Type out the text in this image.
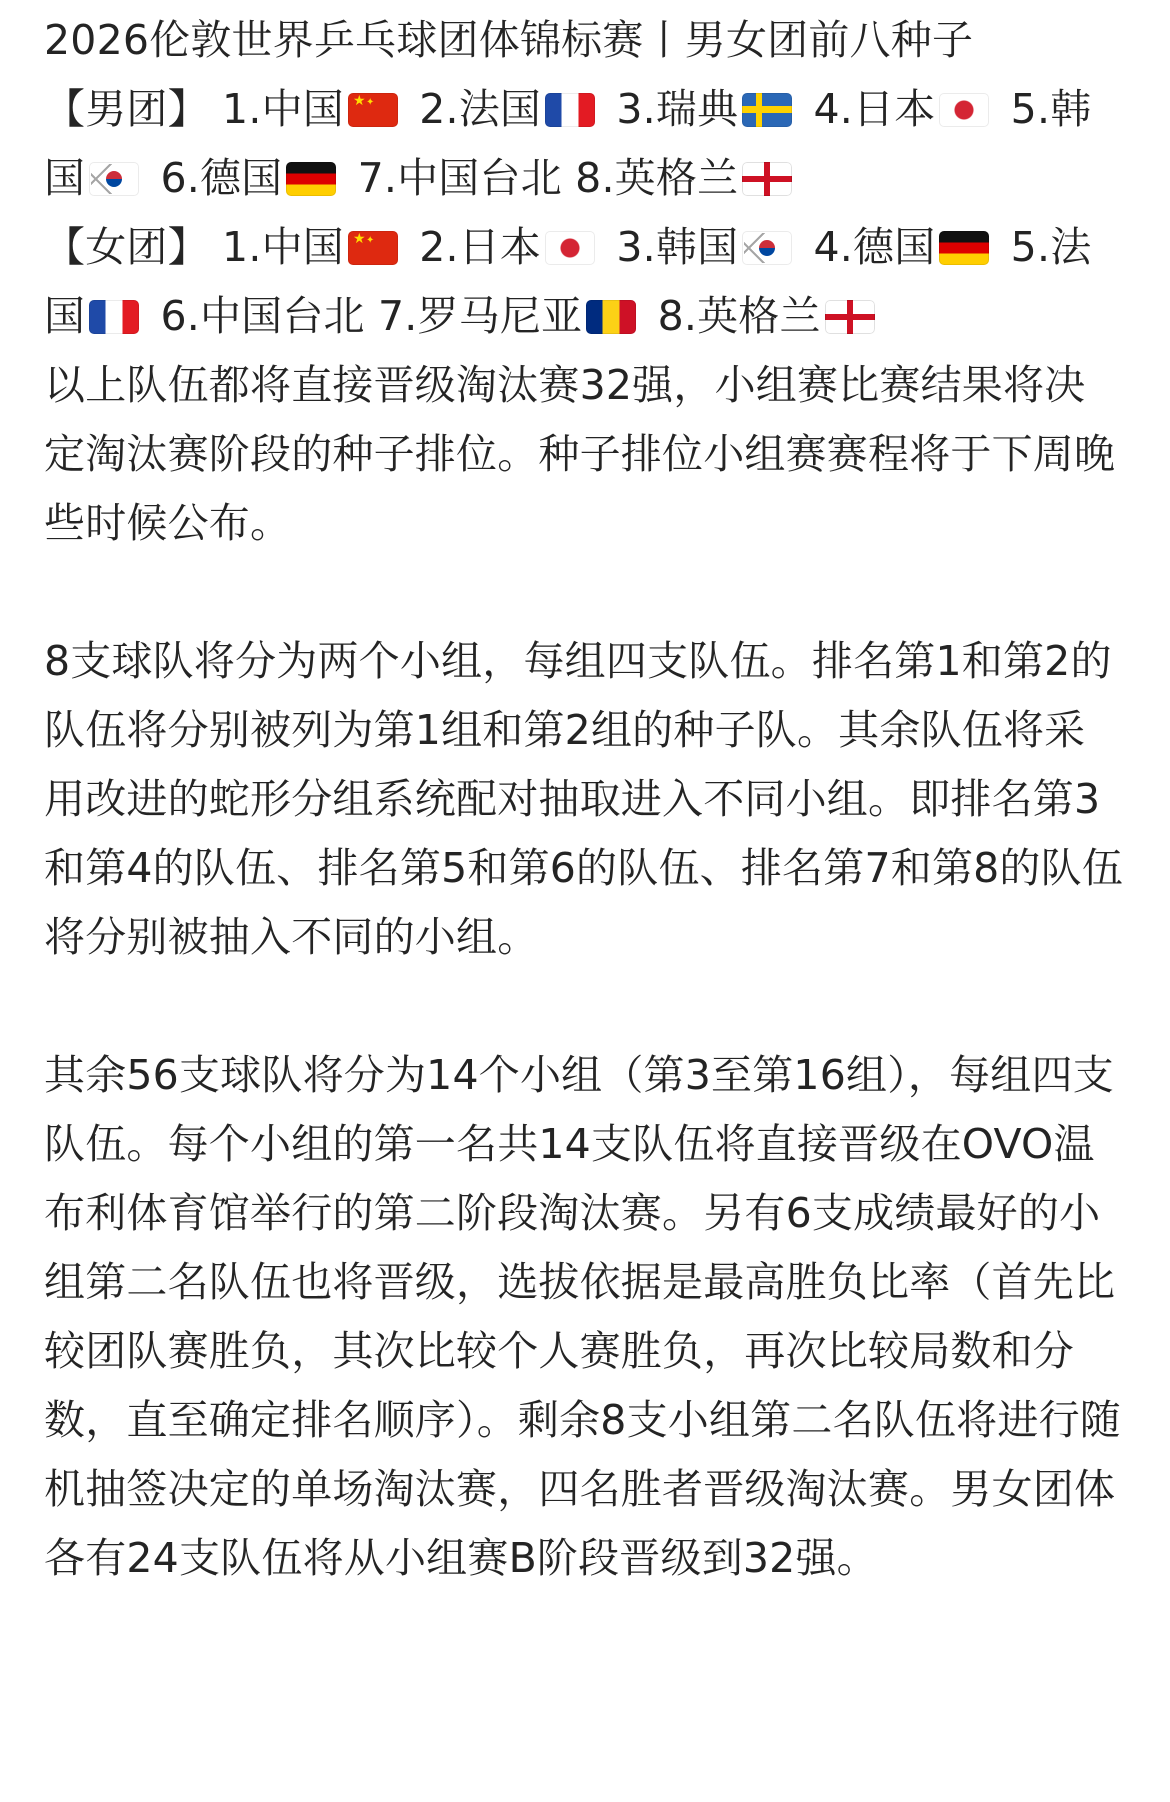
2026伦敦世界乒乓球团体锦标赛丨男女团前八种子
【男团】 1.中国 ★ ✦ 2.法国 3.瑞典 4.日本 5.韩国 6.德国 7.中国台北 8.英格兰
【女团】 1.中国 ★ ✦ 2.日本 3.韩国 4.德国 5.法国 6.中国台北 7.罗马尼亚 8.英格兰
以上队伍都将直接晋级淘汰赛32强，小组赛比赛结果将决定淘汰赛阶段的种子排位。种子排位小组赛赛程将于下周晚些时候公布。
8支球队将分为两个小组，每组四支队伍。排名第1和第2的队伍将分别被列为第1组和第2组的种子队。其余队伍将采用改进的蛇形分组系统配对抽取进入不同小组。即排名第3和第4的队伍、排名第5和第6的队伍、排名第7和第8的队伍将分别被抽入不同的小组。
其余56支球队将分为14个小组（第3至第16组），每组四支队伍。每个小组的第一名共14支队伍将直接晋级在OVO温布利体育馆举行的第二阶段淘汰赛。另有6支成绩最好的小组第二名队伍也将晋级，选拔依据是最高胜负比率（首先比较团队赛胜负，其次比较个人赛胜负，再次比较局数和分数，直至确定排名顺序）。剩余8支小组第二名队伍将进行随机抽签决定的单场淘汰赛，四名胜者晋级淘汰赛。男女团体各有24支队伍将从小组赛B阶段晋级到32强。
